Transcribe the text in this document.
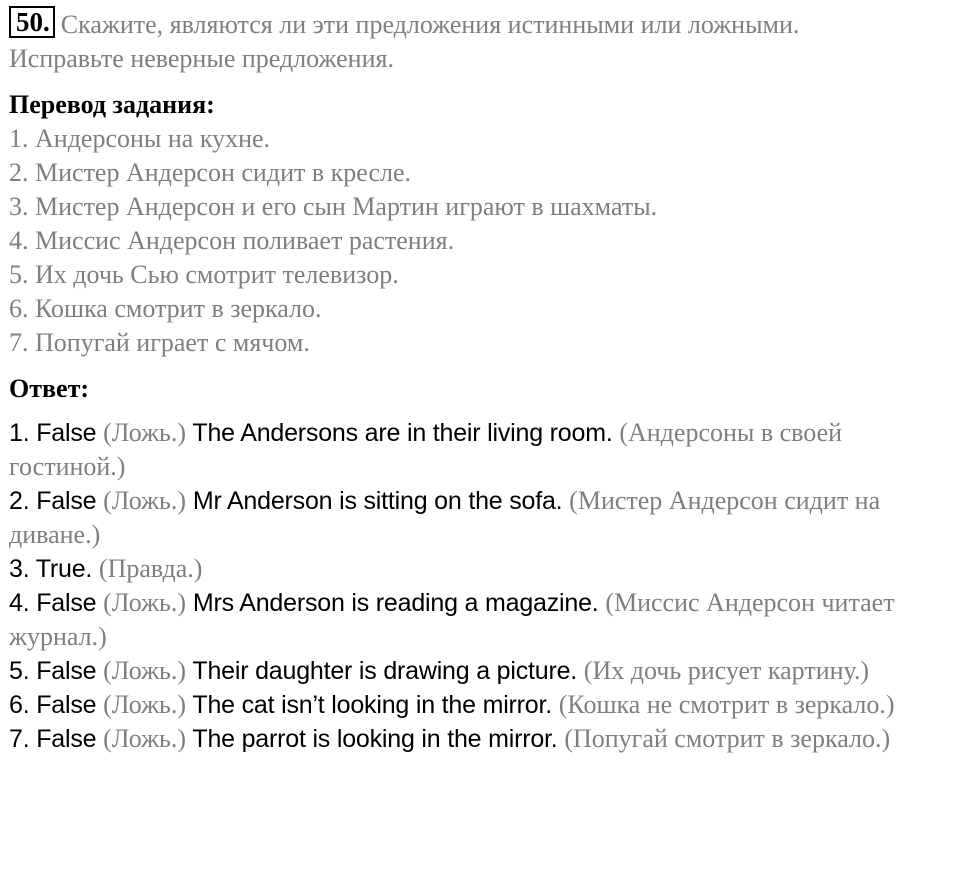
50. Скажите, являются ли эти предложения истинными или ложными.

Исправьте неверные предложения.

Перевод задания:

1. Андерсоны на кухне.
2. Мистер Андерсон сидит в кресле.
3. Мистер Андерсон и его сын Мартин играют в шахматы.
4. Миссис Андерсон поливает растения.
5. Их дочь Сью смотрит телевизор.
6. Кошка смотрит в зеркало.
7. Попугай играет с мячом.

Ответ:

1. False (Ложь.) The Andersons are in their living room. (Андерсоны в своей гостиной.)
2. False (Ложь.) Mr Anderson is sitting on the sofa. (Мистер Андерсон сидит на диване.)
3. True. (Правда.)
4. False (Ложь.) Mrs Anderson is reading a magazine. (Миссис Андерсон читает журнал.)
5. False (Ложь.) Their daughter is drawing a picture. (Их дочь рисует картину.)
6. False (Ложь.) The cat isn’t looking in the mirror. (Кошка не смотрит в зеркало.)
7. False (Ложь.) The parrot is looking in the mirror. (Попугай смотрит в зеркало.)
